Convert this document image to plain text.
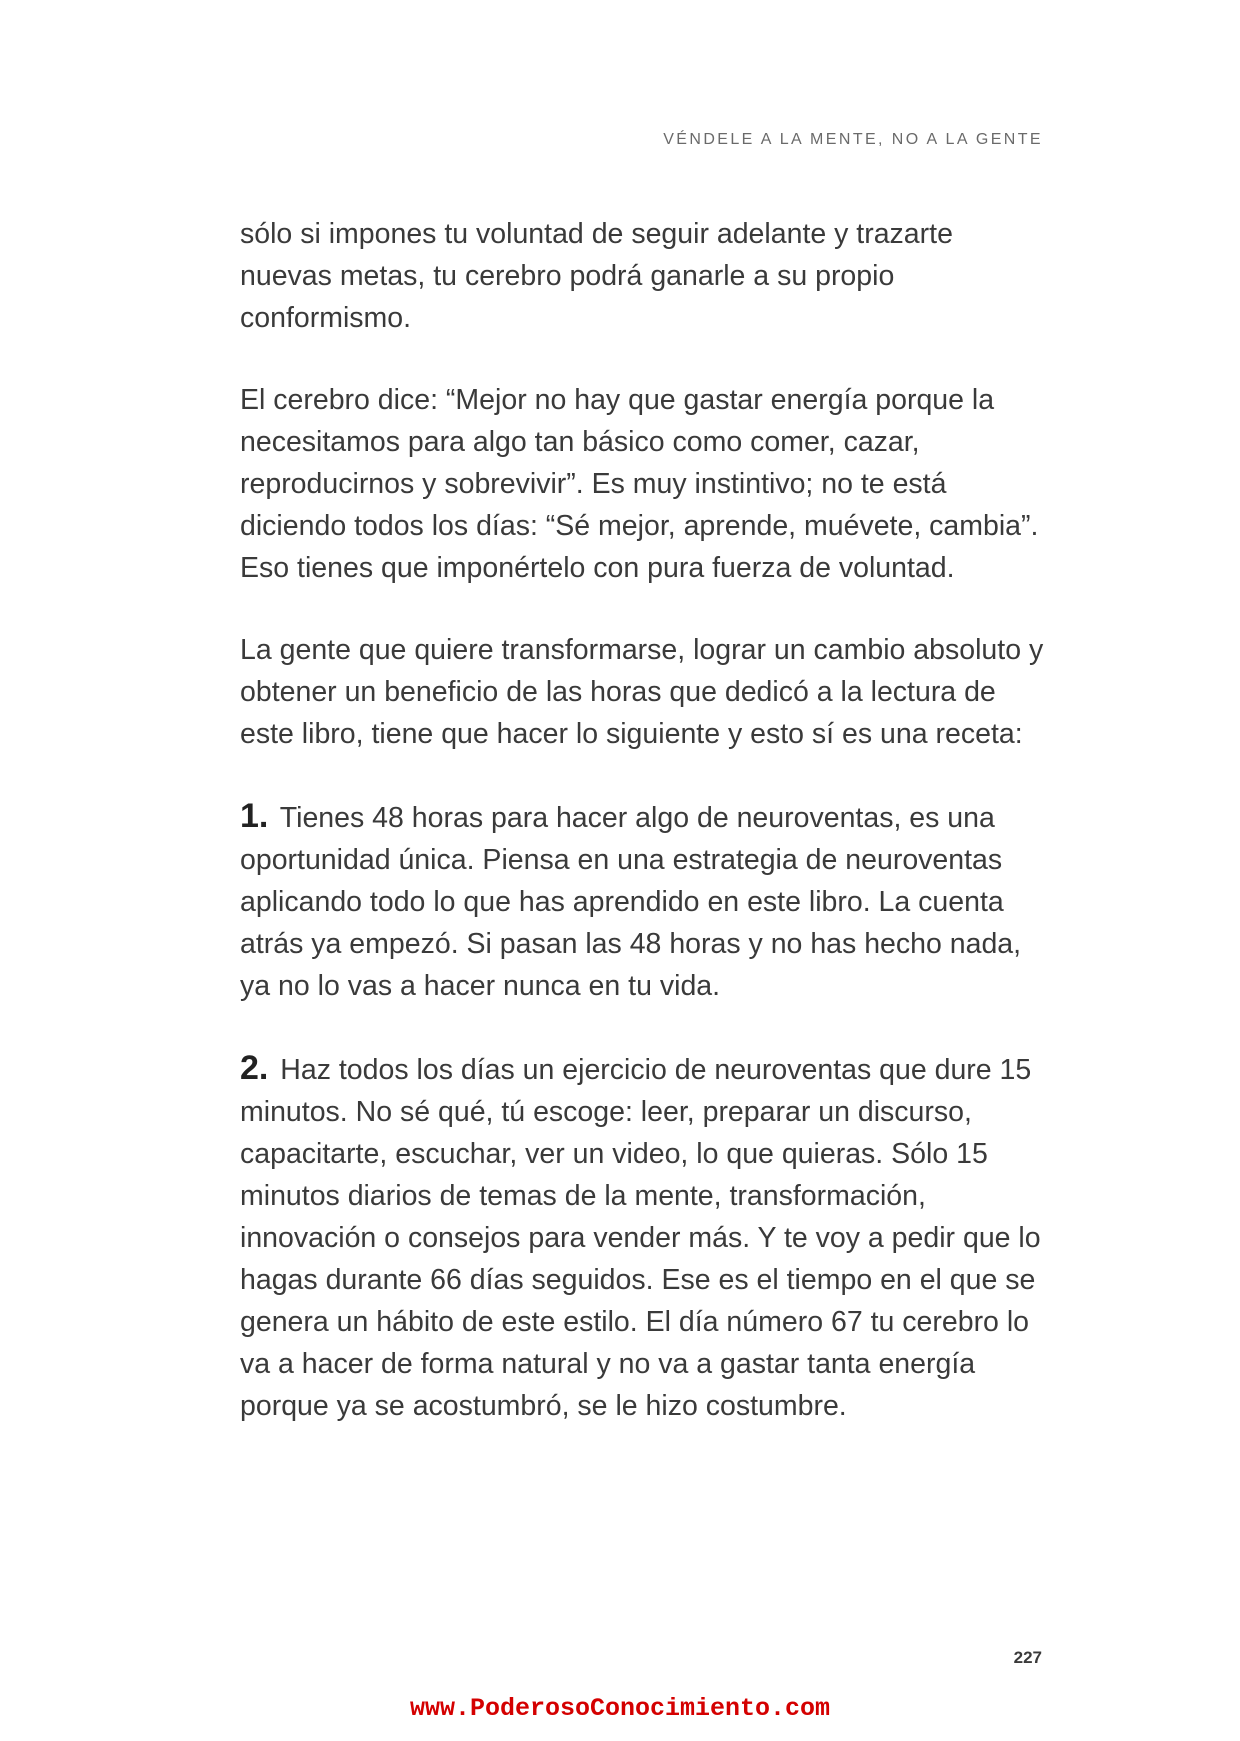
VÉNDELE A LA MENTE, NO A LA GENTE

sólo si impones tu voluntad de seguir adelante y trazarte nuevas metas, tu cerebro podrá ganarle a su propio conformismo.

El cerebro dice: “Mejor no hay que gastar energía porque la necesitamos para algo tan básico como comer, cazar, reproducirnos y sobrevivir”. Es muy instintivo; no te está diciendo todos los días: “Sé mejor, aprende, muévete, cambia”. Eso tienes que imponértelo con pura fuerza de voluntad.

La gente que quiere transformarse, lograr un cambio absoluto y obtener un beneficio de las horas que dedicó a la lectura de este libro, tiene que hacer lo siguiente y esto sí es una receta:

1. Tienes 48 horas para hacer algo de neuroventas, es una oportunidad única. Piensa en una estrategia de neuroventas aplicando todo lo que has aprendido en este libro. La cuenta atrás ya empezó. Si pasan las 48 horas y no has hecho nada, ya no lo vas a hacer nunca en tu vida.

2. Haz todos los días un ejercicio de neuroventas que dure 15 minutos. No sé qué, tú escoge: leer, preparar un discurso, capacitarte, escuchar, ver un video, lo que quieras. Sólo 15 minutos diarios de temas de la mente, transformación, innovación o consejos para vender más. Y te voy a pedir que lo hagas durante 66 días seguidos. Ese es el tiempo en el que se genera un hábito de este estilo. El día número 67 tu cerebro lo va a hacer de forma natural y no va a gastar tanta energía porque ya se acostumbró, se le hizo costumbre.

227
www.PoderosoConocimiento.com
